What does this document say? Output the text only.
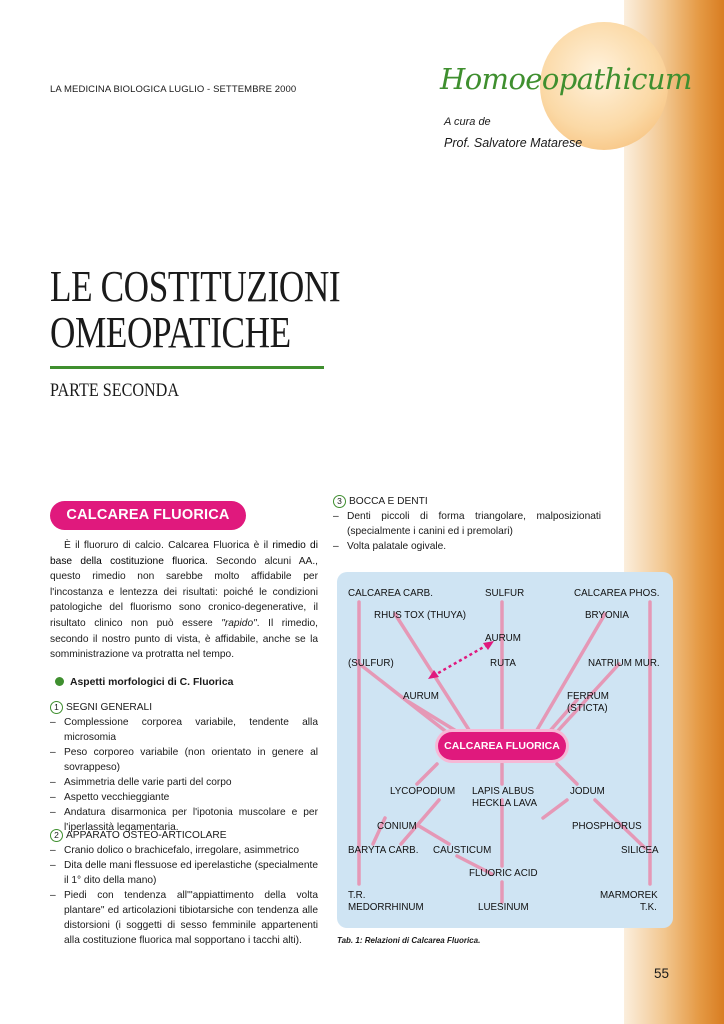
LA MEDICINA BIOLOGICA LUGLIO - SETTEMBRE 2000	Homoeopathicum
A cura de
Prof. Salvatore Matarese
LE COSTITUZIONI
OMEOPATICHE
PARTE SECONDA
CALCAREA FLUORICA

È il fluoruro di calcio. Calcarea Fluorica è il rimedio di base della costituzione fluorica. Secondo alcuni AA., questo rimedio non sarebbe molto affidabile per l'incostanza e lentezza dei risultati: poiché le condizioni patologiche del fluorismo sono cronico-degenerative, il risultato clinico non può essere "rapido". Il rimedio, secondo il nostro punto di vista, è affidabile, anche se la somministrazione va protratta nel tempo.

Aspetti morfologici di C. Fluorica
1 SEGNI GENERALI
– Complessione corporea variabile, tendente alla microsomia
– Peso corporeo variabile (non orientato in genere al sovrappeso)
– Asimmetria delle varie parti del corpo
– Aspetto vecchieggiante
– Andatura disarmonica per l'ipotonia muscolare e per l'iperlassità legamentaria.
2 APPARATO OSTEO-ARTICOLARE
– Cranio dolico o brachicefalo, irregolare, asimmetrico
– Dita delle mani flessuose ed iperelastiche (specialmente il 1° dito della mano)
– Piedi con tendenza all'"appiattimento della volta plantare" ed articolazioni tibiotarsiche con tendenza alle distorsioni (i soggetti di sesso femminile appartenenti alla costituzione fluorica mal sopportano i tacchi alti).
3 BOCCA E DENTI
– Denti piccoli di forma triangolare, malposizionati (specialmente i canini ed i premolari)
– Volta palatale ogivale.
CALCAREA CARB.	SULFUR	CALCAREA PHOS.
RHUS TOX (THUYA)	BRYONIA
AURUM
(SULFUR)	RUTA	NATRIUM MUR.
AURUM	FERRUM
(STICTA)
CALCAREA FLUORICA
LYCOPODIUM LAPIS ALBUS
HECKLA LAVA
JODUM
CONIUM	PHOSPHORUS
BARYTA CARB. CAUSTICUM	SILICEA
FLUORIC ACID
T.R.
MEDORRHINUM	LUESINUM
MARMOREK
T.K.
Tab. 1: Relazioni di Calcarea Fluorica.
55
